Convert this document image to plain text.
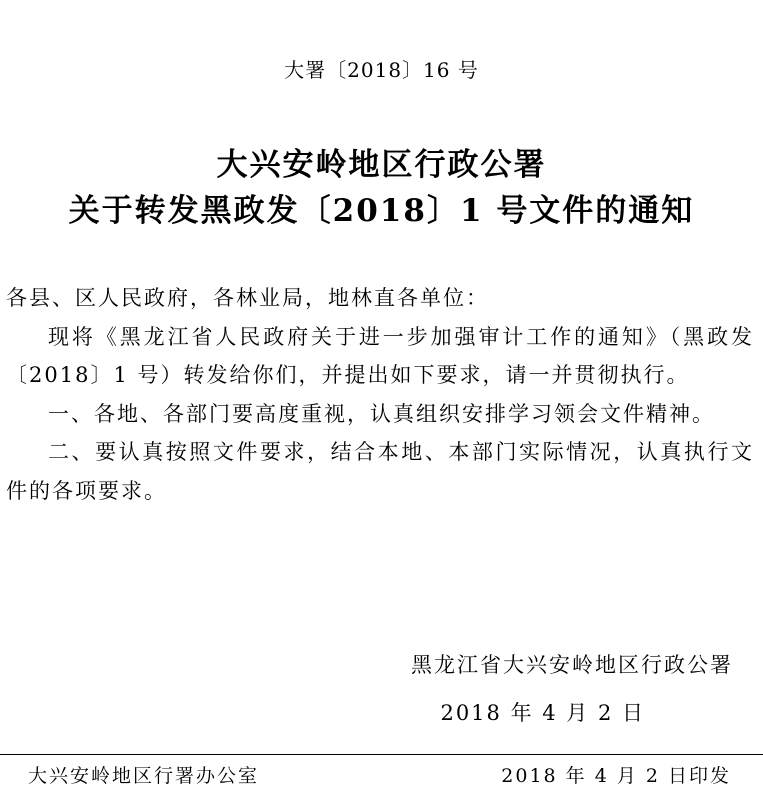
大署〔2018〕16 号
大兴安岭地区行政公署
关于转发黑政发〔2018〕1 号文件的通知

各县、区人民政府，各林业局，地林直各单位：

现将《黑龙江省人民政府关于进一步加强审计工作的通知》（黑政发〔2018〕1 号）转发给你们，并提出如下要求，请一并贯彻执行。

一、各地、各部门要高度重视，认真组织安排学习领会文件精神。

二、要认真按照文件要求，结合本地、本部门实际情况，认真执行文件的各项要求。

黑龙江省大兴安岭地区行政公署
2018 年 4 月 2 日
大兴安岭地区行署办公室	2018 年 4 月 2 日印发
